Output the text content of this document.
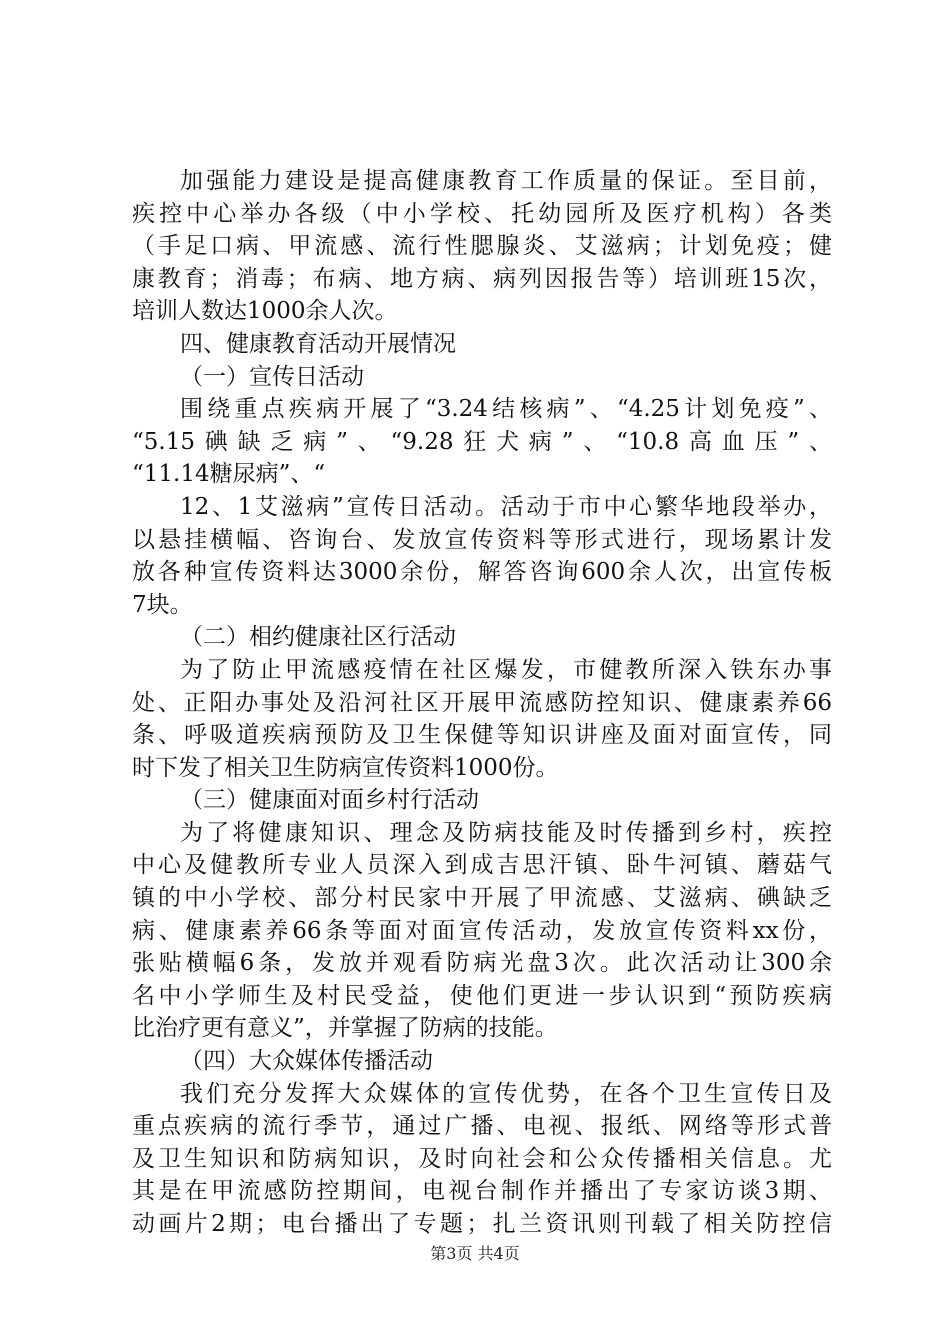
加强能力建设是提高健康教育工作质量的保证。至目前，
疾控中心举办各级（中小学校、托幼园所及医疗机构）各类
（手足口病、甲流感、流行性腮腺炎、艾滋病；计划免疫；健
康教育；消毒；布病、地方病、病列因报告等）培训班15次，
培训人数达1000余人次。
四、健康教育活动开展情况
（一）宣传日活动
围绕重点疾病开展了“3.24结核病”、“4.25计划免疫”、
“5.15碘缺乏病”、“9.28狂犬病”、“10.8高血压”、
“11.14糖尿病”、“
12、1艾滋病”宣传日活动。活动于市中心繁华地段举办，
以悬挂横幅、咨询台、发放宣传资料等形式进行，现场累计发
放各种宣传资料达3000余份，解答咨询600余人次，出宣传板
7块。
（二）相约健康社区行活动
为了防止甲流感疫情在社区爆发，市健教所深入铁东办事
处、正阳办事处及沿河社区开展甲流感防控知识、健康素养66
条、呼吸道疾病预防及卫生保健等知识讲座及面对面宣传，同
时下发了相关卫生防病宣传资料1000份。
（三）健康面对面乡村行活动
为了将健康知识、理念及防病技能及时传播到乡村，疾控
中心及健教所专业人员深入到成吉思汗镇、卧牛河镇、蘑菇气
镇的中小学校、部分村民家中开展了甲流感、艾滋病、碘缺乏
病、健康素养66条等面对面宣传活动，发放宣传资料xx份，
张贴横幅6条，发放并观看防病光盘3次。此次活动让300余
名中小学师生及村民受益，使他们更进一步认识到“预防疾病
比治疗更有意义”，并掌握了防病的技能。
（四）大众媒体传播活动
我们充分发挥大众媒体的宣传优势，在各个卫生宣传日及
重点疾病的流行季节，通过广播、电视、报纸、网络等形式普
及卫生知识和防病知识，及时向社会和公众传播相关信息。尤
其是在甲流感防控期间，电视台制作并播出了专家访谈3期、
动画片2期；电台播出了专题；扎兰资讯则刊载了相关防控信
第3页 共4页
